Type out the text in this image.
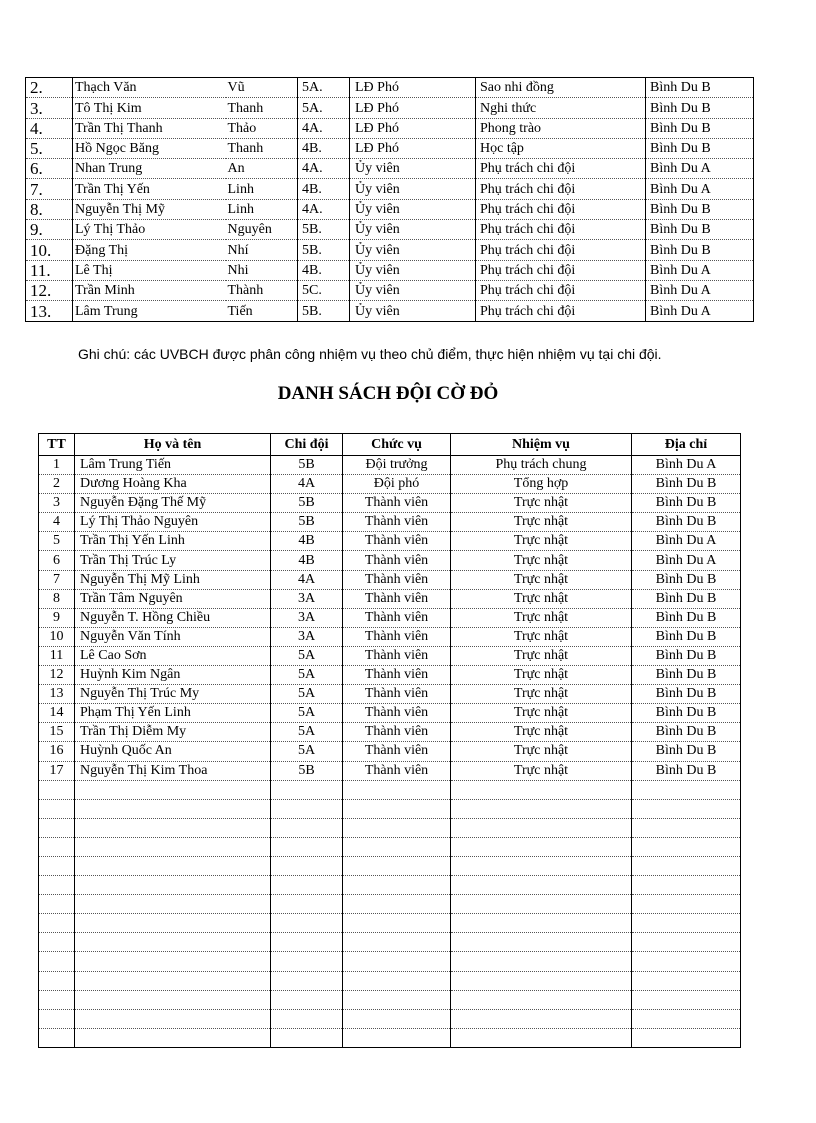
2.	Thạch Văn	Vũ	5A.	LĐ Phó	Sao nhi đồng	Bình Du B
3.	Tô Thị Kim	Thanh	5A.	LĐ Phó	Nghi thức	Bình Du B
4.	Trần Thị Thanh	Thảo	4A.	LĐ Phó	Phong trào	Bình Du B
5.	Hồ Ngọc Băng	Thanh	4B.	LĐ Phó	Học tập	Bình Du B
6.	Nhan Trung	An	4A.	Ủy viên	Phụ trách chi đội	Bình Du A
7.	Trần Thị Yến	Linh	4B.	Ủy viên	Phụ trách chi đội	Bình Du A
8.	Nguyễn Thị Mỹ	Linh	4A.	Ủy viên	Phụ trách chi đội	Bình Du B
9.	Lý Thị Thảo	Nguyên	5B.	Ủy viên	Phụ trách chi đội	Bình Du B
10.	Đặng Thị	Nhí	5B.	Ủy viên	Phụ trách chi đội	Bình Du B
11.	Lê Thị	Nhi	4B.	Ủy viên	Phụ trách chi đội	Bình Du A
12.	Trần Minh	Thành	5C.	Ủy viên	Phụ trách chi đội	Bình Du A
13.	Lâm Trung	Tiến	5B.	Ủy viên	Phụ trách chi đội	Bình Du A
Ghi chú: các UVBCH được phân công nhiệm vụ theo chủ điểm, thực hiện nhiệm vụ tại chi đội.
DANH SÁCH ĐỘI CỜ ĐỎ
TT	Họ và tên	Chi đội	Chức vụ	Nhiệm vụ	Địa chỉ
1	Lâm Trung Tiến	5B	Đội trưởng	Phụ trách chung	Bình Du A
2	Dương Hoàng Kha	4A	Đội phó	Tổng hợp	Bình Du B
3	Nguyễn Đặng Thế Mỹ	5B	Thành viên	Trực nhật	Bình Du B
4	Lý Thị Thảo Nguyên	5B	Thành viên	Trực nhật	Bình Du B
5	Trần Thị Yến Linh	4B	Thành viên	Trực nhật	Bình Du A
6	Trần Thị Trúc Ly	4B	Thành viên	Trực nhật	Bình Du A
7	Nguyễn Thị Mỹ Linh	4A	Thành viên	Trực nhật	Bình Du B
8	Trần Tâm Nguyên	3A	Thành viên	Trực nhật	Bình Du B
9	Nguyễn T. Hồng Chiều	3A	Thành viên	Trực nhật	Bình Du B
10	Nguyễn Văn Tính	3A	Thành viên	Trực nhật	Bình Du B
11	Lê Cao Sơn	5A	Thành viên	Trực nhật	Bình Du B
12	Huỳnh Kim Ngân	5A	Thành viên	Trực nhật	Bình Du B
13	Nguyễn Thị Trúc My	5A	Thành viên	Trực nhật	Bình Du B
14	Phạm Thị Yến Linh	5A	Thành viên	Trực nhật	Bình Du B
15	Trần Thị Diễm My	5A	Thành viên	Trực nhật	Bình Du B
16	Huỳnh Quốc An	5A	Thành viên	Trực nhật	Bình Du B
17	Nguyễn Thị Kim Thoa	5B	Thành viên	Trực nhật	Bình Du B
